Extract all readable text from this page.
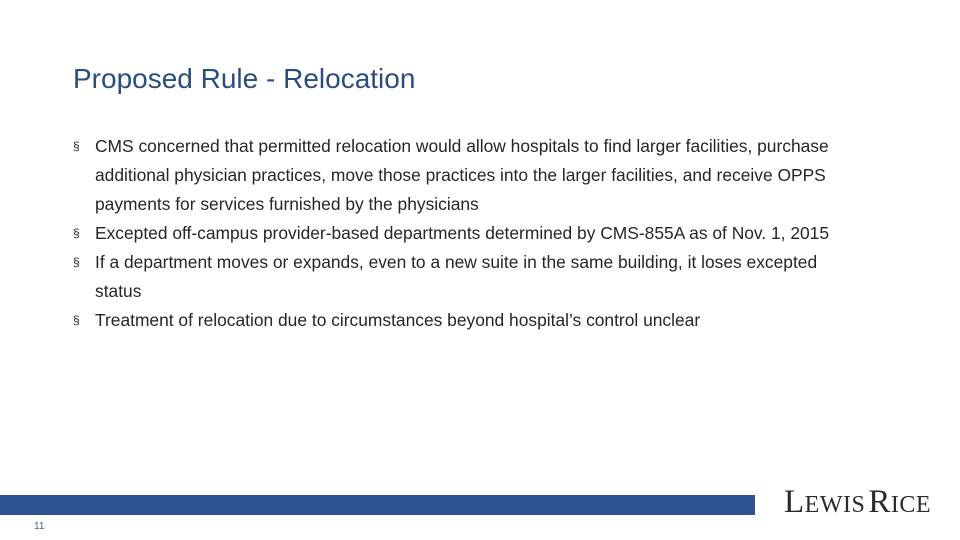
Proposed Rule - Relocation
§ CMS concerned that permitted relocation would allow hospitals to find larger facilities, purchase additional physician practices, move those practices into the larger facilities, and receive OPPS payments for services furnished by the physicians
§ Excepted off-campus provider-based departments determined by CMS-855A as of Nov. 1, 2015
§ If a department moves or expands, even to a new suite in the same building, it loses excepted status
§ Treatment of relocation due to circumstances beyond hospital’s control unclear
11
LEWISRICE
